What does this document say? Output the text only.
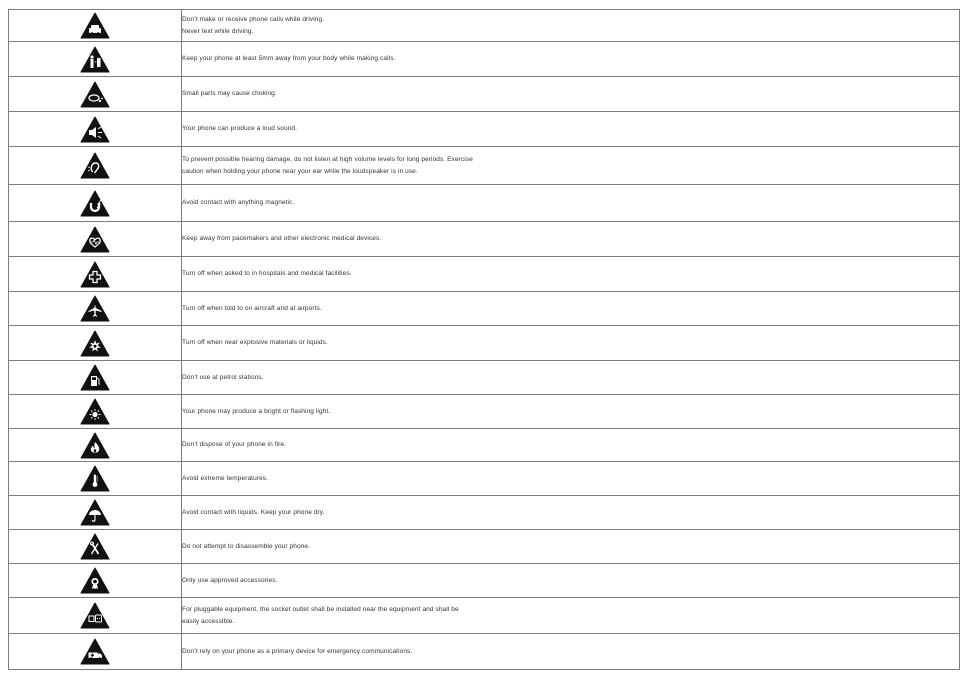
Don’t make or receive phone calls while driving.
Never text while driving.

Keep your phone at least 5mm away from your body while making calls.

Small parts may cause choking.

Your phone can produce a loud sound.

To prevent possible hearing damage, do not listen at high volume levels for long periods. Exercise
caution when holding your phone near your ear while the loudspeaker is in use.

Avoid contact with anything magnetic.

Keep away from pacemakers and other electronic medical devices.

Turn off when asked to in hospitals and medical facilities.

Turn off when told to on aircraft and at airports.

Turn off when near explosive materials or liquids.

Don’t use at petrol stations.

Your phone may produce a bright or flashing light.

Don’t dispose of your phone in fire.

Avoid extreme temperatures.

Avoid contact with liquids. Keep your phone dry.

Do not attempt to disassemble your phone.

Only use approved accessories.

For pluggable equipment, the socket outlet shall be installed near the equipment and shall be
easily accessible.

Don’t rely on your phone as a primary device for emergency communications.
